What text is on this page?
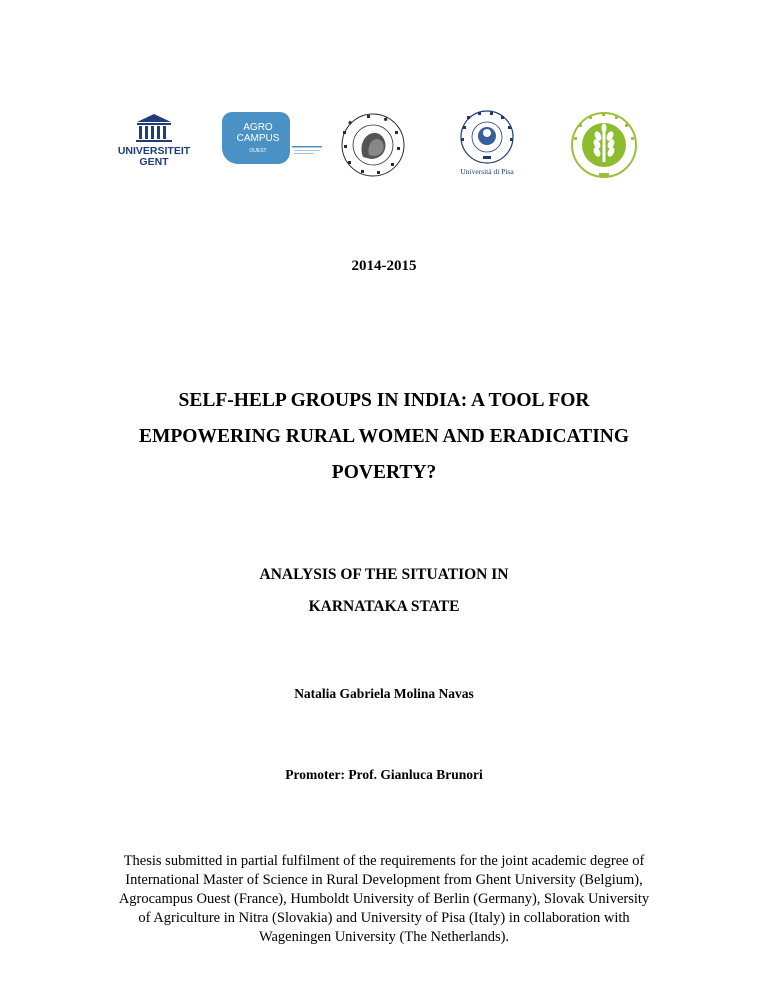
UNIVERSITEIT
GENT
AGRO
CAMPUS
OUEST
Università di Pisa
2014-2015
SELF-HELP GROUPS IN INDIA: A TOOL FOR
EMPOWERING RURAL WOMEN AND ERADICATING
POVERTY?
ANALYSIS OF THE SITUATION IN
KARNATAKA STATE
Natalia Gabriela Molina Navas
Promoter: Prof. Gianluca Brunori
Thesis submitted in partial fulfilment of the requirements for the joint academic degree of
International Master of Science in Rural Development from Ghent University (Belgium),
Agrocampus Ouest (France), Humboldt University of Berlin (Germany), Slovak University
of Agriculture in Nitra (Slovakia) and University of Pisa (Italy) in collaboration with
Wageningen University (The Netherlands).
